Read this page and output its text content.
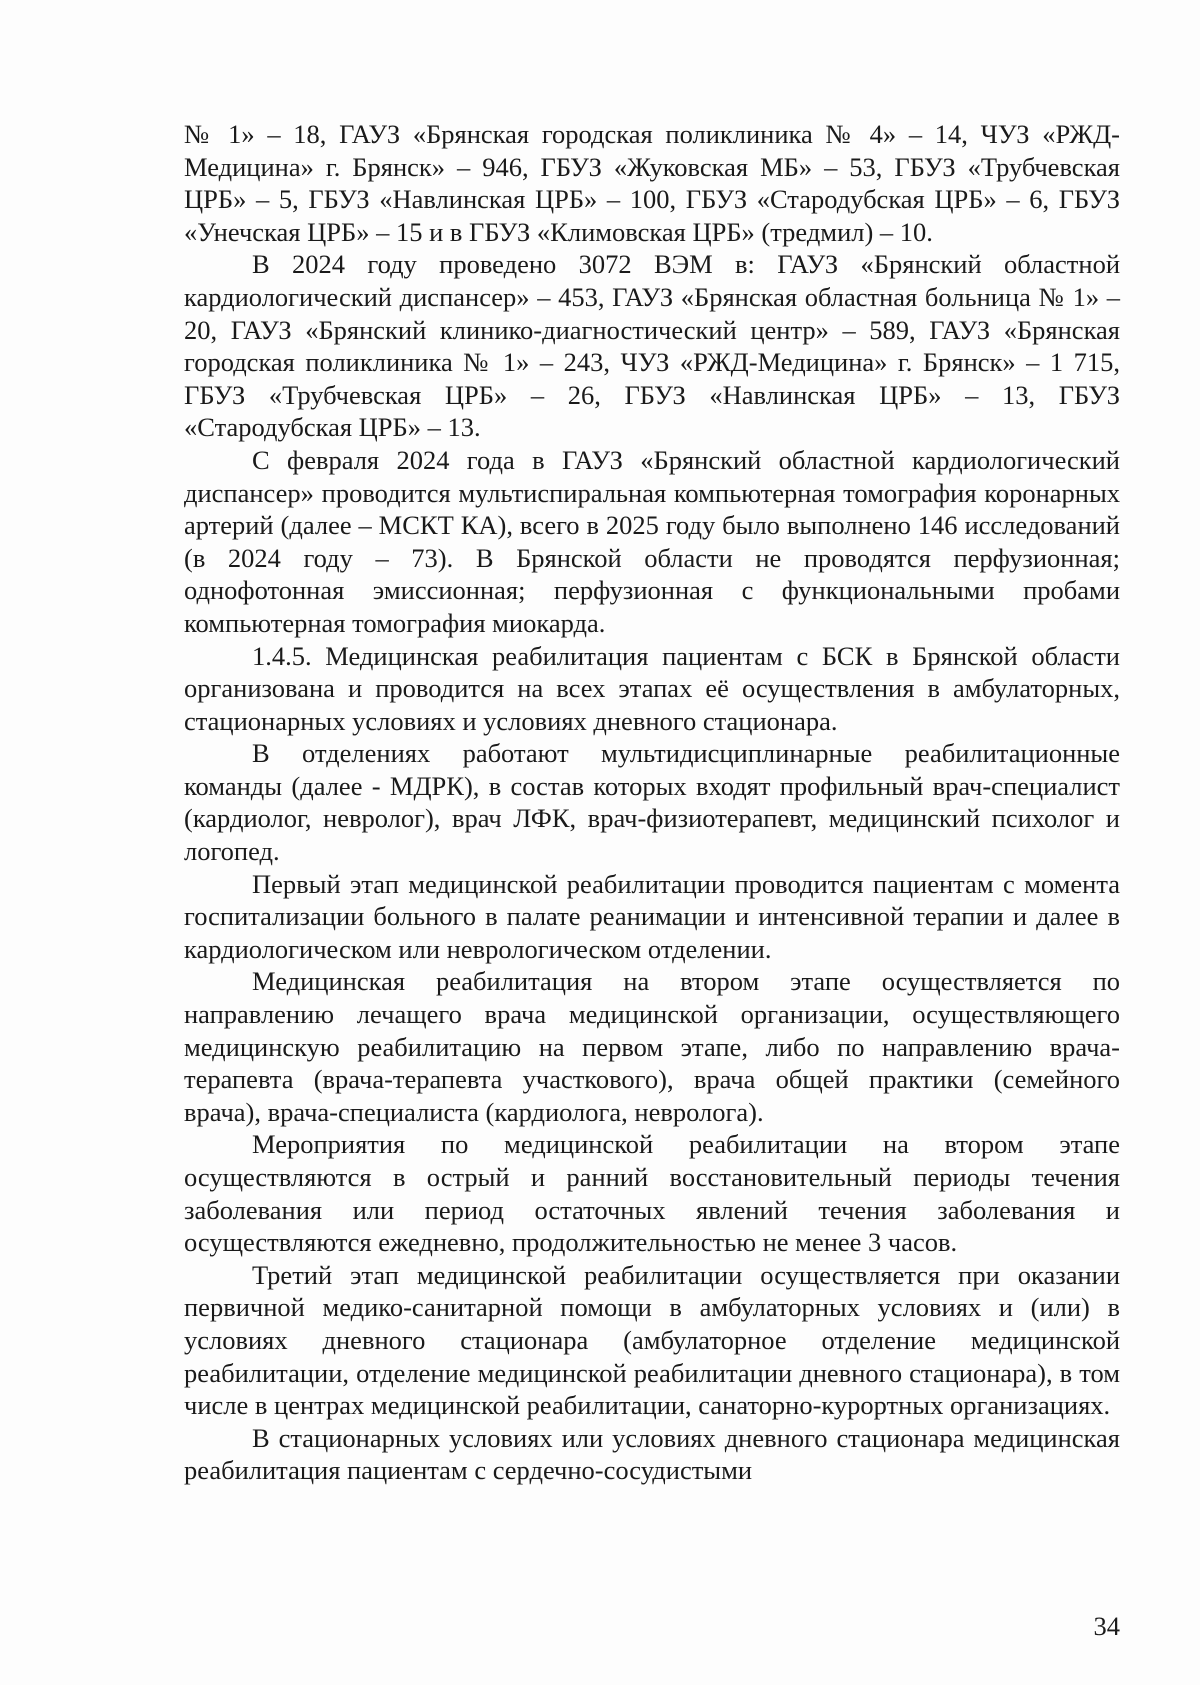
№ 1» – 18, ГАУЗ «Брянская городская поликлиника № 4» – 14, ЧУЗ «РЖД-Медицина» г. Брянск» – 946, ГБУЗ «Жуковская МБ» – 53, ГБУЗ «Трубчевская ЦРБ» – 5, ГБУЗ «Навлинская ЦРБ» – 100, ГБУЗ «Стародубская ЦРБ» – 6, ГБУЗ «Унечская ЦРБ» – 15 и в ГБУЗ «Климовская ЦРБ» (тредмил) – 10.

В 2024 году проведено 3072 ВЭМ в: ГАУЗ «Брянский областной кардиологический диспансер» – 453, ГАУЗ «Брянская областная больница № 1» – 20, ГАУЗ «Брянский клинико-диагностический центр» – 589, ГАУЗ «Брянская городская поликлиника № 1» – 243, ЧУЗ «РЖД-Медицина» г. Брянск» – 1 715, ГБУЗ «Трубчевская ЦРБ» – 26, ГБУЗ «Навлинская ЦРБ» – 13, ГБУЗ «Стародубская ЦРБ» – 13.

С февраля 2024 года в ГАУЗ «Брянский областной кардиологический диспансер» проводится мультиспиральная компьютерная томография коронарных артерий (далее – МСКТ КА), всего в 2025 году было выполнено 146 исследований (в 2024 году – 73). В Брянской области не проводятся перфузионная; однофотонная эмиссионная; перфузионная с функциональными пробами компьютерная томография миокарда.

1.4.5. Медицинская реабилитация пациентам с БСК в Брянской области организована и проводится на всех этапах её осуществления в амбулаторных, стационарных условиях и условиях дневного стационара.

В отделениях работают мультидисциплинарные реабилитационные команды (далее - МДРК), в состав которых входят профильный врач-специалист (кардиолог, невролог), врач ЛФК, врач-физиотерапевт, медицинский психолог и логопед.

Первый этап медицинской реабилитации проводится пациентам с момента госпитализации больного в палате реанимации и интенсивной терапии и далее в кардиологическом или неврологическом отделении.

Медицинская реабилитация на втором этапе осуществляется по направлению лечащего врача медицинской организации, осуществляющего медицинскую реабилитацию на первом этапе, либо по направлению врача-терапевта (врача-терапевта участкового), врача общей практики (семейного врача), врача-специалиста (кардиолога, невролога).

Мероприятия по медицинской реабилитации на втором этапе осуществляются в острый и ранний восстановительный периоды течения заболевания или период остаточных явлений течения заболевания и осуществляются ежедневно, продолжительностью не менее 3 часов.

Третий этап медицинской реабилитации осуществляется при оказании первичной медико-санитарной помощи в амбулаторных условиях и (или) в условиях дневного стационара (амбулаторное отделение медицинской реабилитации, отделение медицинской реабилитации дневного стационара), в том числе в центрах медицинской реабилитации, санаторно-курортных организациях.

В стационарных условиях или условиях дневного стационара медицинская реабилитация пациентам с сердечно-сосудистыми

34
